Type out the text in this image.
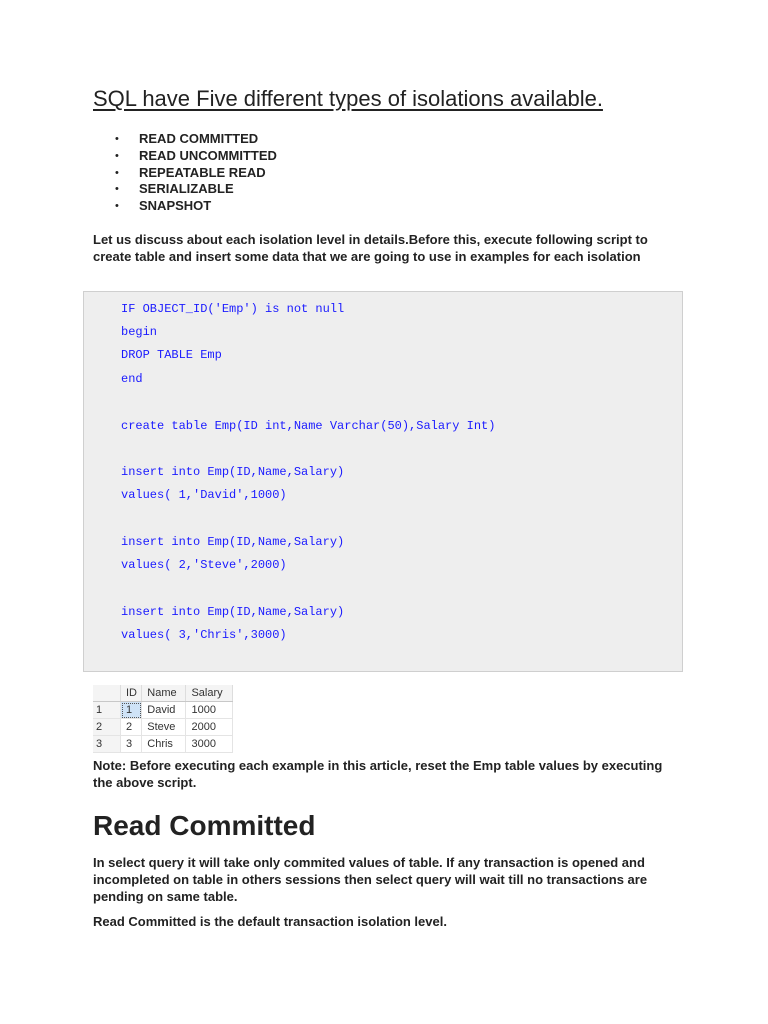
SQL have Five different types of isolations available.
• READ COMMITTED
• READ UNCOMMITTED
• REPEATABLE READ
• SERIALIZABLE
• SNAPSHOT

Let us discuss about each isolation level in details.Before this, execute following script to create table and insert some data that we are going to use in examples for each isolation

IF OBJECT_ID('Emp') is not null

begin

DROP TABLE Emp

end

create table Emp(ID int,Name Varchar(50),Salary Int)

insert into Emp(ID,Name,Salary)

values( 1,'David',1000)

insert into Emp(ID,Name,Salary)

values( 2,'Steve',2000)

insert into Emp(ID,Name,Salary)

values( 3,'Chris',3000)

	ID	Name	Salary
1	1	David	1000
2	2	Steve	2000
3	3	Chris	3000

Note: Before executing each example in this article, reset the Emp table values by executing the above script.

Read Committed

In select query it will take only commited values of table. If any transaction is opened and incompleted on table in others sessions then select query will wait till no transactions are pending on same table.

Read Committed is the default transaction isolation level.
